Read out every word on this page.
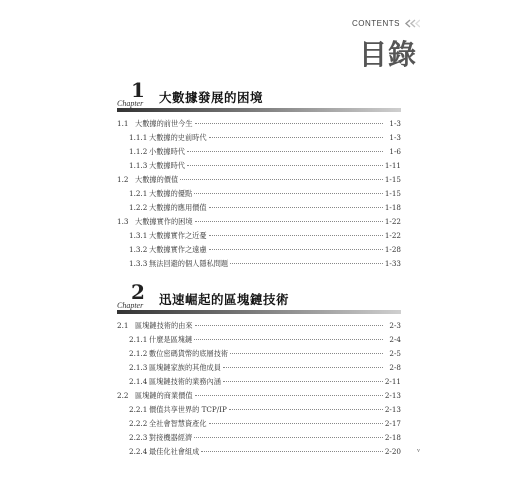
CONTENTS
目錄
1
Chapter 大數據發展的困境
1.1 大數據的前世今生	1-3
1.1.1 大數據的史前時代	1-3
1.1.2 小數據時代	1-6
1.1.3 大數據時代	1-11
1.2 大數據的價值	1-15
1.2.1 大數據的優點	1-15
1.2.2 大數據的應用價值	1-18
1.3 大數據實作的困境	1-22
1.3.1 大數據實作之近憂	1-22
1.3.2 大數據實作之遠慮	1-28
1.3.3 無法回避的個人隱私問題	1-33
2
Chapter 迅速崛起的區塊鏈技術
2.1 區塊鏈技術的由來	2-3
2.1.1 什麼是區塊鏈	2-4
2.1.2 數位密碼貨幣的底層技術	2-5
2.1.3 區塊鏈家族的其他成員	2-8
2.1.4 區塊鏈技術的業務內涵	2-11
2.2 區塊鏈的商業價值	2-13
2.2.1 價值共享世界的 TCP/IP	2-13
2.2.2 全社會智慧資產化	2-17
2.2.3 對接機器經濟	2-18
2.2.4 最佳化社會組成	2-20	v
